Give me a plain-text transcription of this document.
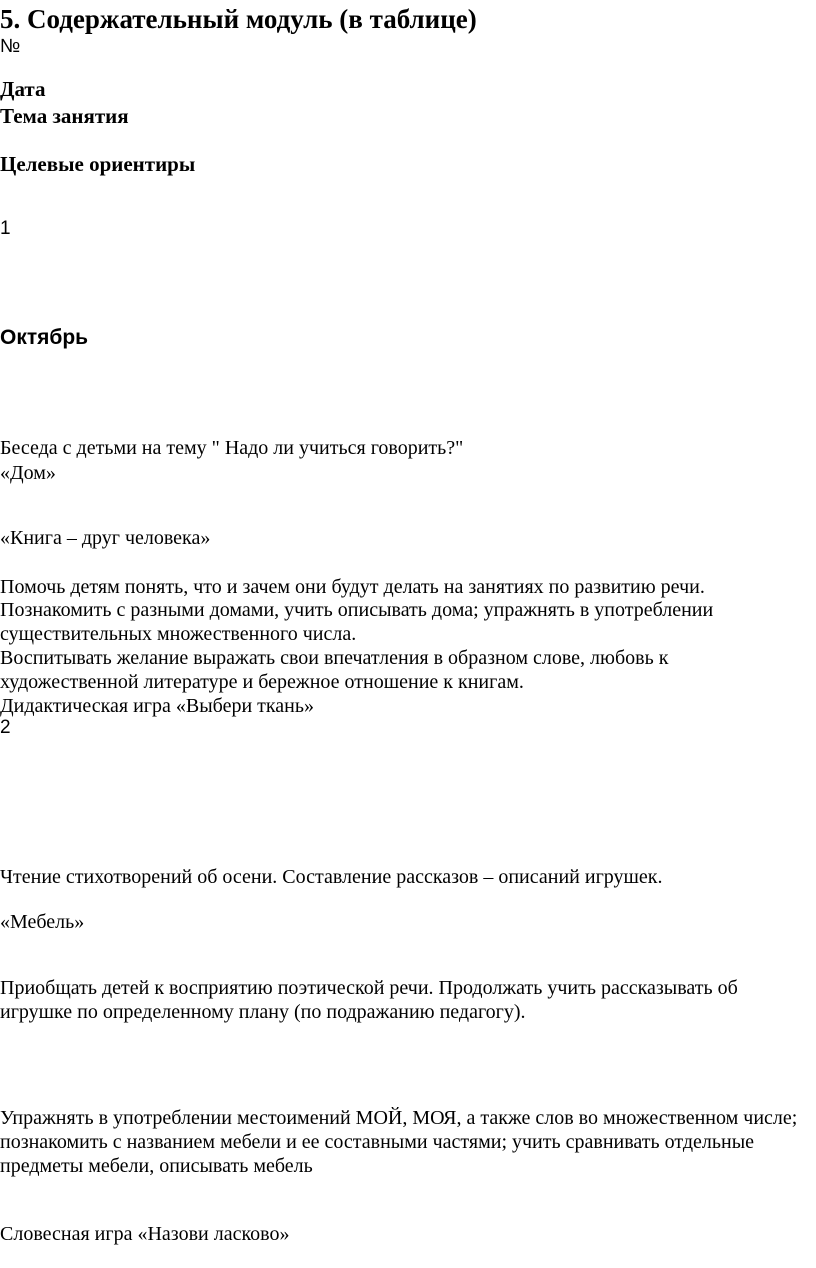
5. Содержательный модуль (в таблице)
№
Дата
Тема занятия
Целевые ориентиры
1
Октябрь
Беседа с детьми на тему " Надо ли учиться говорить?"
«Дом»
«Книга – друг человека»
Помочь детям понять, что и зачем они будут делать на занятиях по развитию речи.

Познакомить с разными домами, учить описывать дома; упражнять в употреблении существительных множественного числа.

Воспитывать желание выражать свои впечатления в образном слове, любовь к художественной литературе и бережное отношение к книгам.

Дидактическая игра «Выбери ткань»
2
Чтение стихотворений об осени. Составление рассказов – описаний игрушек.
«Мебель»

Приобщать детей к восприятию поэтической речи. Продолжать учить рассказывать об игрушке по определенному плану (по подражанию педагогу).

Упражнять в употреблении местоимений МОЙ, МОЯ, а также слов во множественном числе; познакомить с названием мебели и ее составными частями; учить сравнивать отдельные предметы мебели, описывать мебель

Словесная игра «Назови ласково»
